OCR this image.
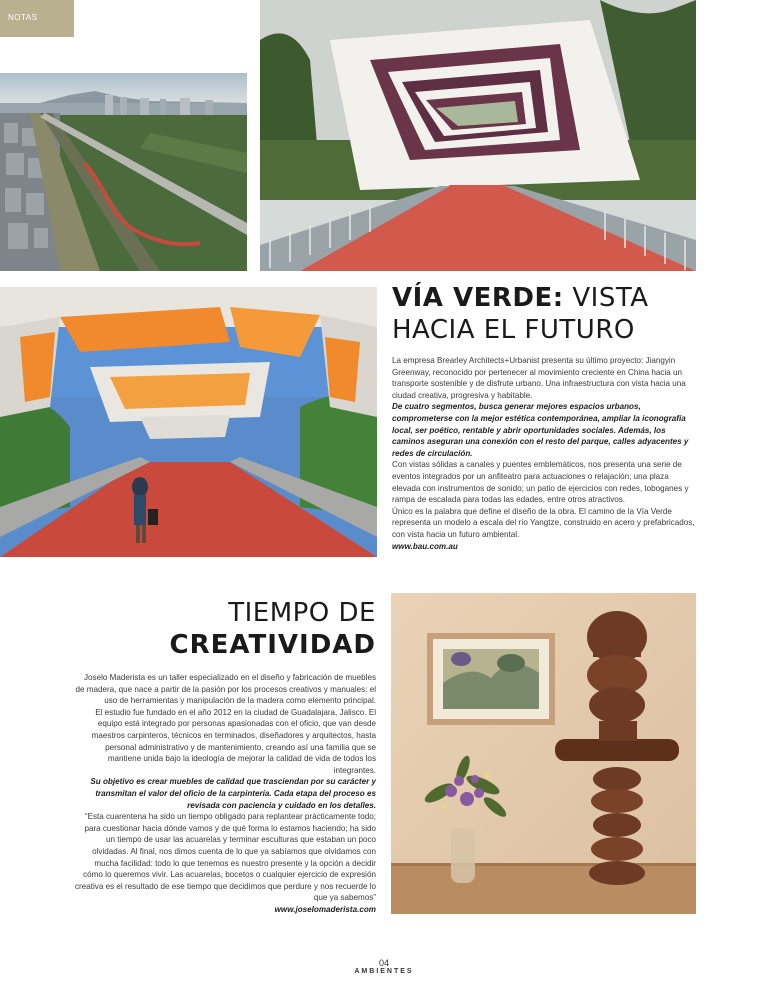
NOTAS
VÍA VERDE: VISTA
HACIA EL FUTURO

La empresa Brearley Architects+Urbanist presenta su último proyecto: Jiangyin Greenway, reconocido por pertenecer al movimiento creciente en China hacia un transporte sostenible y de disfrute urbano. Una infraestructura con vista hacia una ciudad creativa, progresiva y habitable.

De cuatro segmentos, busca generar mejores espacios urbanos, comprometerse con la mejor estética contemporánea, ampliar la iconografía local, ser poético, rentable y abrir oportunidades sociales. Además, los caminos aseguran una conexión con el resto del parque, calles adyacentes y redes de circulación.

Con vistas sólidas a canales y puentes emblemáticos, nos presenta una serie de eventos integrados por un anfiteatro para actuaciones o relajación; una plaza elevada con instrumentos de sonido; un patio de ejercicios con redes, toboganes y rampa de escalada para todas las edades, entre otros atractivos.

Único es la palabra que define el diseño de la obra. El camino de la Vía Verde representa un modelo a escala del río Yangtze, construido en acero y prefabricados, con vista hacia un futuro ambiental.

www.bau.com.au

TIEMPO DE
CREATIVIDAD

Joselo Maderista es un taller especializado en el diseño y fabricación de muebles de madera, que nace a partir de la pasión por los procesos creativos y manuales: el uso de herramientas y manipulación de la madera como elemento principal.

El estudio fue fundado en el año 2012 en la ciudad de Guadalajara, Jalisco. El equipo está integrado por personas apasionadas con el oficio, que van desde maestros carpinteros, técnicos en terminados, diseñadores y arquitectos, hasta personal administrativo y de mantenimiento, creando así una familia que se mantiene unida bajo la ideología de mejorar la calidad de vida de todos los integrantes.

Su objetivo es crear muebles de calidad que trasciendan por su carácter y transmitan el valor del oficio de la carpintería. Cada etapa del proceso es revisada con paciencia y cuidado en los detalles.

“Esta cuarentena ha sido un tiempo obligado para replantear prácticamente todo; para cuestionar hacia dónde vamos y de qué forma lo estamos haciendo; ha sido un tiempo de usar las acuarelas y terminar esculturas que estaban un poco olvidadas. Al final, nos dimos cuenta de lo que ya sabíamos que olvidamos con mucha facilidad: todo lo que tenemos es nuestro presente y la opción a decidir cómo lo queremos vivir. Las acuarelas, bocetos o cualquier ejercicio de expresión creativa es el resultado de ese tiempo que decidimos que perdure y nos recuerde lo que ya sabemos”

www.joselomaderista.com

04
AMBIENTES
